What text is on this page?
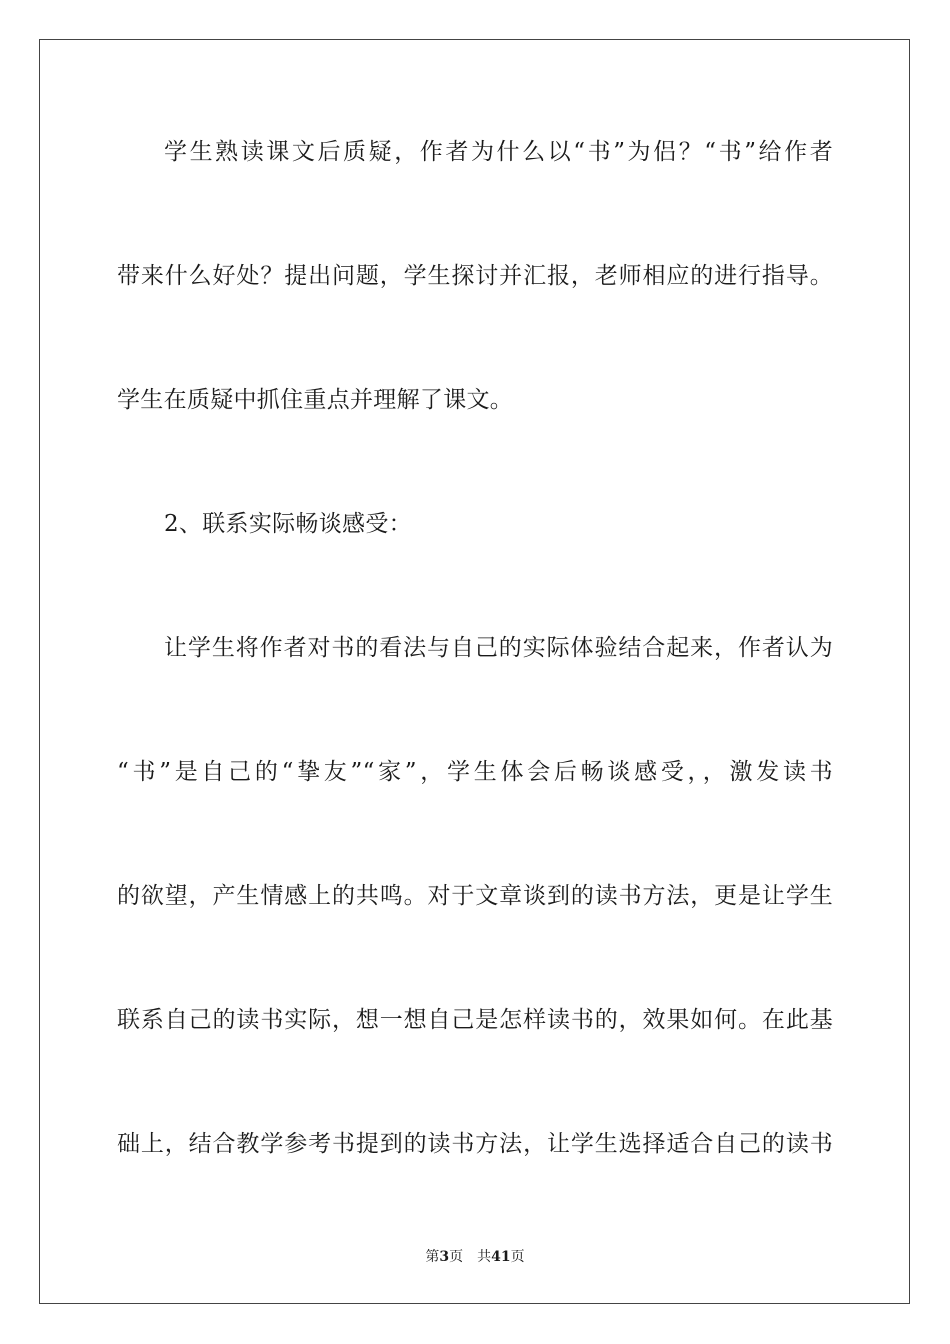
学生熟读课文后质疑，作者为什么以“书”为侣？“书”给作者
带来什么好处？提出问题，学生探讨并汇报，老师相应的进行指导。
学生在质疑中抓住重点并理解了课文。
2、联系实际畅谈感受：
让学生将作者对书的看法与自己的实际体验结合起来，作者认为
“书”是自己的“挚友”“家”，学生体会后畅谈感受，，激发读书
的欲望，产生情感上的共鸣。对于文章谈到的读书方法，更是让学生
联系自己的读书实际，想一想自己是怎样读书的，效果如何。在此基
础上，结合教学参考书提到的读书方法，让学生选择适合自己的读书
第3页 共41页
